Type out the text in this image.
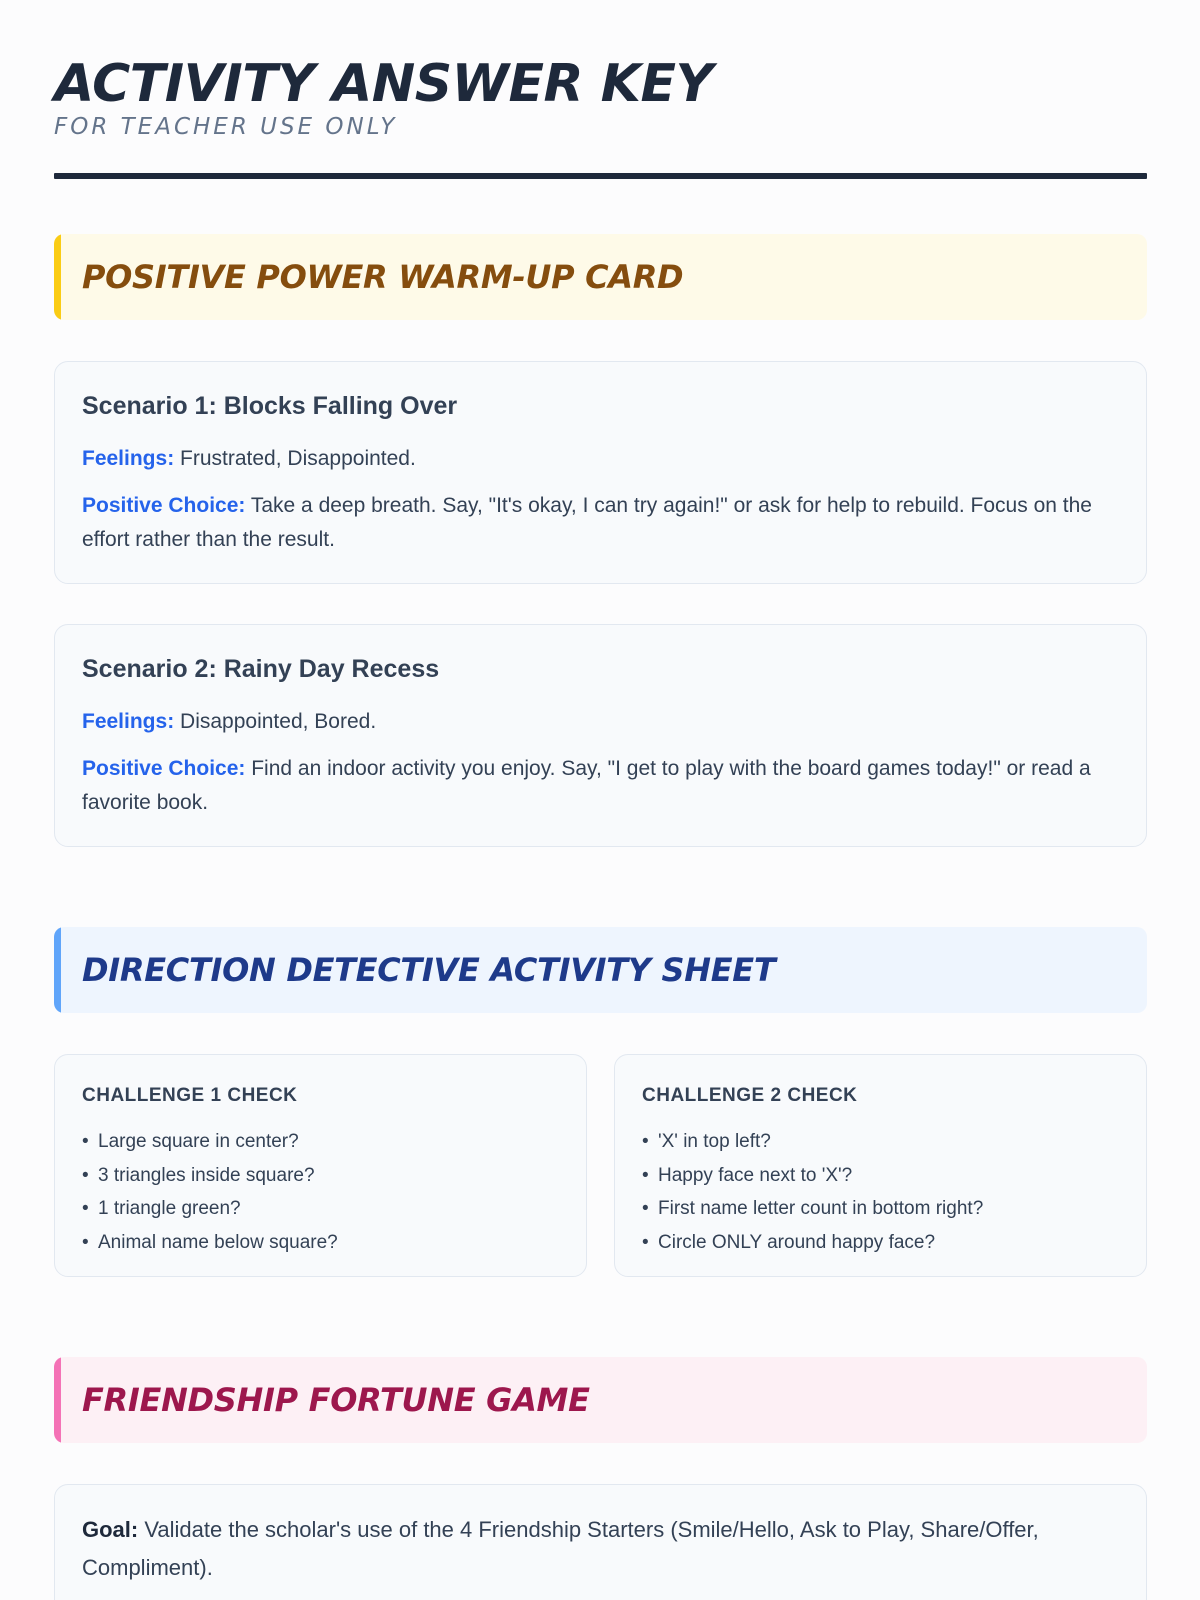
ACTIVITY ANSWER KEY
FOR TEACHER USE ONLY
POSITIVE POWER WARM-UP CARD
Scenario 1: Blocks Falling Over
Feelings: Frustrated, Disappointed.
Positive Choice: Take a deep breath. Say, "It's okay, I can try again!" or ask for help to rebuild. Focus on the effort rather than the result.
Scenario 2: Rainy Day Recess
Feelings: Disappointed, Bored.
Positive Choice: Find an indoor activity you enjoy. Say, "I get to play with the board games today!" or read a favorite book.
DIRECTION DETECTIVE ACTIVITY SHEET
CHALLENGE 1 CHECK
• Large square in center?
• 3 triangles inside square?
• 1 triangle green?
• Animal name below square?
CHALLENGE 2 CHECK
• 'X' in top left?
• Happy face next to 'X'?
• First name letter count in bottom right?
• Circle ONLY around happy face?
FRIENDSHIP FORTUNE GAME
Goal: Validate the scholar's use of the 4 Friendship Starters (Smile/Hello, Ask to Play, Share/Offer, Compliment).
